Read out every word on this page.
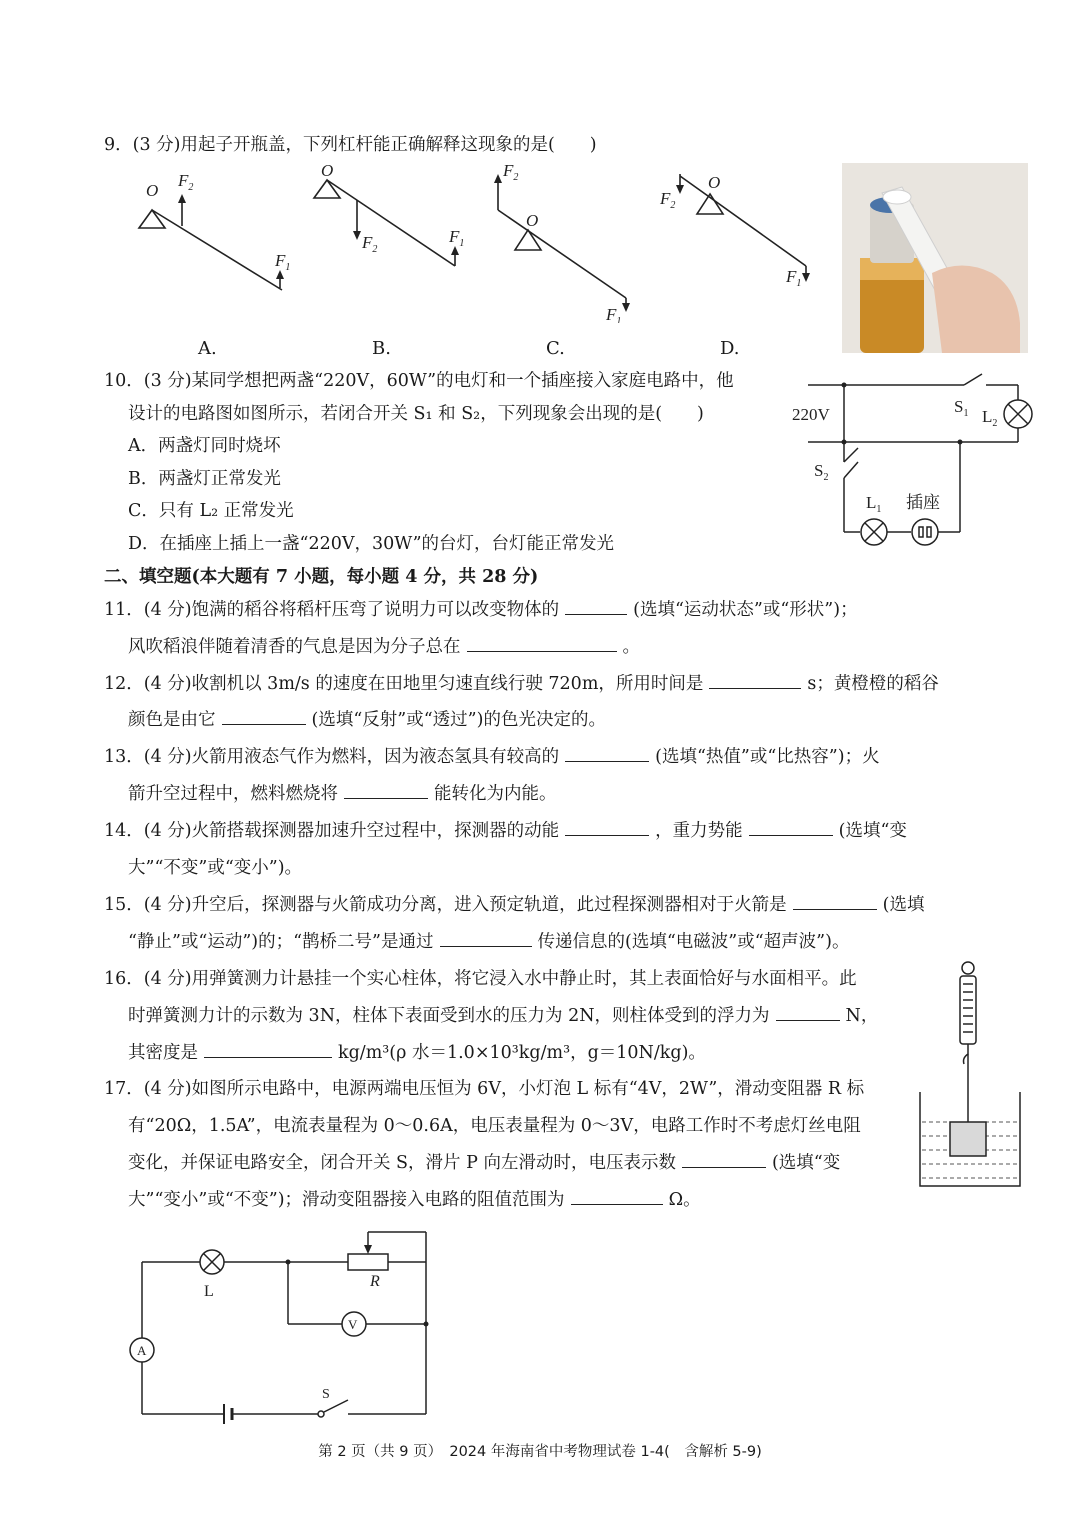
9．(3 分)用起子开瓶盖，下列杠杆能正确解释这现象的是(　　)
O
$F_2$
$F_1$
O
$F_2$
$F_1$
$F_2$
O
$F_1$
$F_2$
O
$F_1$
A.	B.	C.	D.
10．(3 分)某同学想把两盏“220V，60W”的电灯和一个插座接入家庭电路中，他
设计的电路图如图所示，若闭合开关 S₁ 和 S₂，下列现象会出现的是(　　)
A．两盏灯同时烧坏
B．两盏灯正常发光
C．只有 L₂ 正常发光
D．在插座上插上一盏“220V，30W”的台灯，台灯能正常发光
220V	$S_1$ $L_2$
$S_2$
$L_1$ 插座
二、填空题(本大题有 7 小题，每小题 4 分，共 28 分)
11．(4 分)饱满的稻谷将稻杆压弯了说明力可以改变物体的	(选填“运动状态”或“形状”)；
风吹稻浪伴随着清香的气息是因为分子总在	。
12．(4 分)收割机以 3m/s 的速度在田地里匀速直线行驶 720m，所用时间是	s；黄橙橙的稻谷
颜色是由它	(选填“反射”或“透过”)的色光决定的。
13．(4 分)火箭用液态气作为燃料，因为液态氢具有较高的	(选填“热值”或“比热容”)；火
箭升空过程中，燃料燃烧将	能转化为内能。
14．(4 分)火箭搭载探测器加速升空过程中，探测器的动能	，重力势能	(选填“变
大”“不变”或“变小”)。
15．(4 分)升空后，探测器与火箭成功分离，进入预定轨道，此过程探测器相对于火箭是	(选填
“静止”或“运动”)的；“鹊桥二号”是通过	传递信息的(选填“电磁波”或“超声波”)。
16．(4 分)用弹簧测力计悬挂一个实心柱体，将它浸入水中静止时，其上表面恰好与水面相平。此
时弹簧测力计的示数为 3N，柱体下表面受到水的压力为 2N，则柱体受到的浮力为	N，
其密度是	kg/m³(ρ 水＝1.0×10³kg/m³，g＝10N/kg)。
17．(4 分)如图所示电路中，电源两端电压恒为 6V，小灯泡 L 标有“4V，2W”，滑动变阻器 R 标
有“20Ω，1.5A”，电流表量程为 0～0.6A，电压表量程为 0～3V，电路工作时不考虑灯丝电阻
变化，并保证电路安全，闭合开关 S，滑片 P 向左滑动时，电压表示数	(选填“变
大”“变小”或“不变”)；滑动变阻器接入电路的阻值范围为	Ω。
L
R
V
A
S
第 2 页（共 9 页）　2024 年海南省中考物理试卷 1-4(　含解析 5-9)
